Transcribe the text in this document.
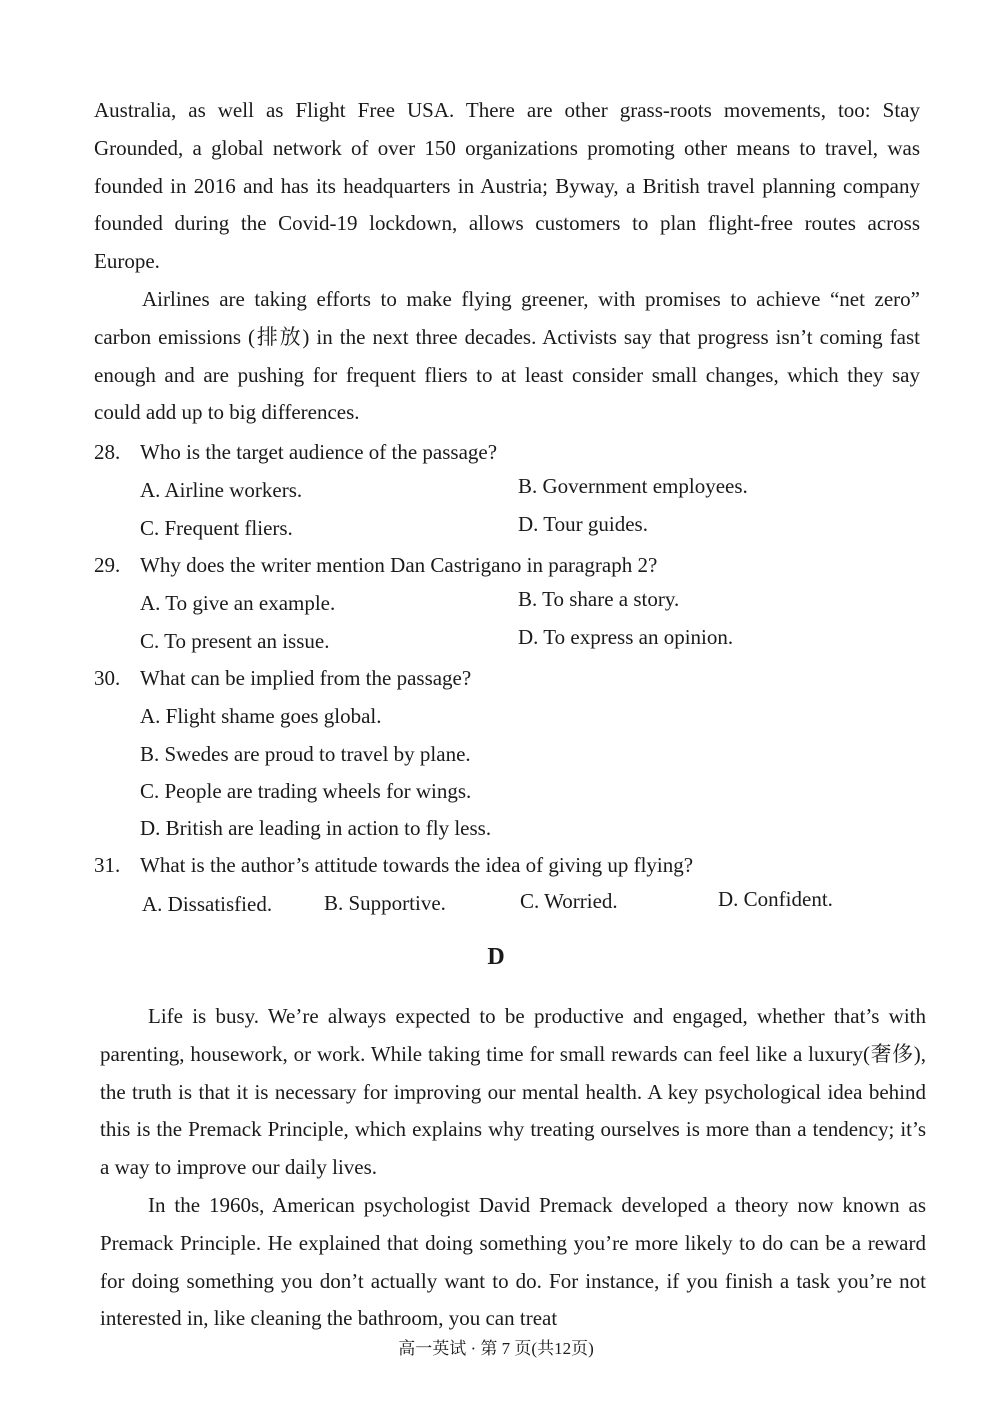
Australia, as well as Flight Free USA. There are other grass-roots movements, too: Stay Grounded, a global network of over 150 organizations promoting other means to travel, was founded in 2016 and has its headquarters in Austria; Byway, a British travel planning company founded during the Covid-19 lockdown, allows customers to plan flight-free routes across Europe.
Airlines are taking efforts to make flying greener, with promises to achieve “net zero” carbon emissions (排放) in the next three decades. Activists say that progress isn’t coming fast enough and are pushing for frequent fliers to at least consider small changes, which they say could add up to big differences.
28. Who is the target audience of the passage?
A. Airline workers.	B. Government employees.
C. Frequent fliers.	D. Tour guides.
29. Why does the writer mention Dan Castrigano in paragraph 2?
A. To give an example.	B. To share a story.
C. To present an issue.	D. To express an opinion.
30. What can be implied from the passage?
A. Flight shame goes global.
B. Swedes are proud to travel by plane.
C. People are trading wheels for wings.
D. British are leading in action to fly less.
31. What is the author’s attitude towards the idea of giving up flying?
A. Dissatisfied. B. Supportive.	C. Worried.	D. Confident.
D
Life is busy. We’re always expected to be productive and engaged, whether that’s with parenting, housework, or work. While taking time for small rewards can feel like a luxury(奢侈), the truth is that it is necessary for improving our mental health. A key psychological idea behind this is the Premack Principle, which explains why treating ourselves is more than a tendency; it’s a way to improve our daily lives.
In the 1960s, American psychologist David Premack developed a theory now known as Premack Principle. He explained that doing something you’re more likely to do can be a reward for doing something you don’t actually want to do. For instance, if you finish a task you’re not interested in, like cleaning the bathroom, you can treat
高一英试 · 第 7 页(共12页)
